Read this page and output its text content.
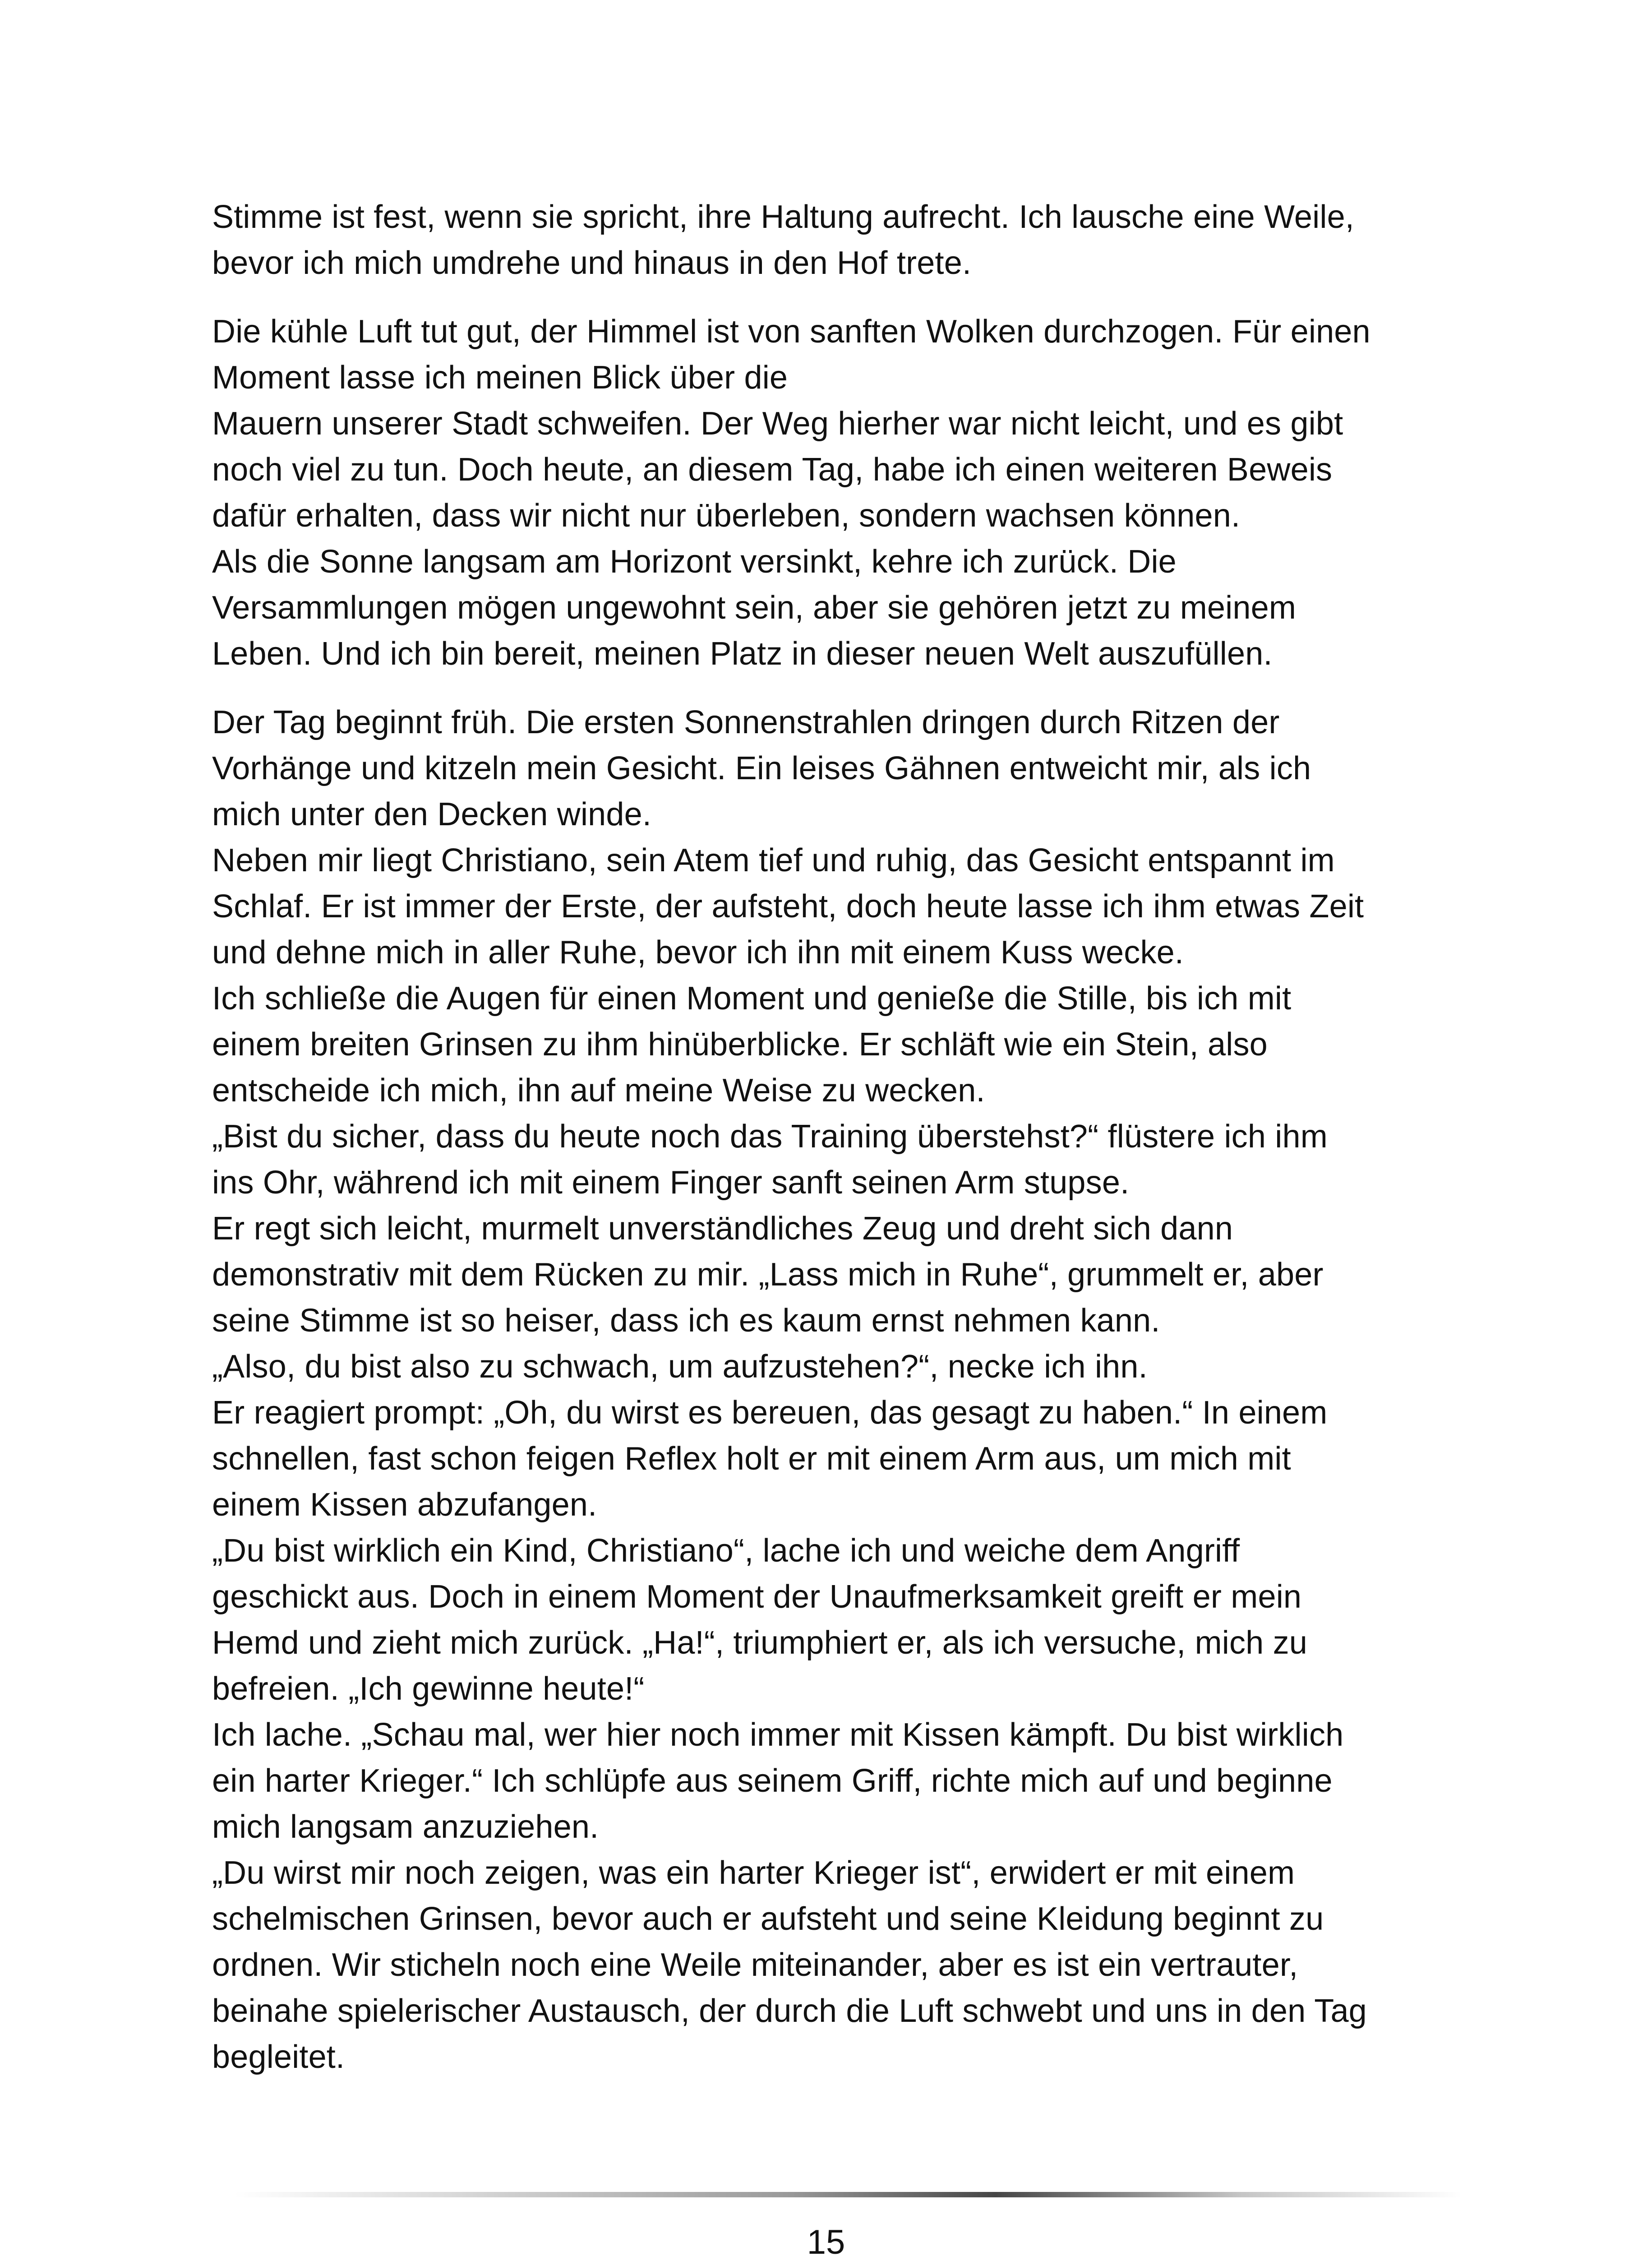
Stimme ist fest, wenn sie spricht, ihre Haltung aufrecht. Ich lausche eine Weile,
bevor ich mich umdrehe und hinaus in den Hof trete.
Die kühle Luft tut gut, der Himmel ist von sanften Wolken durchzogen. Für einen
Moment lasse ich meinen Blick über die
Mauern unserer Stadt schweifen. Der Weg hierher war nicht leicht, und es gibt
noch viel zu tun. Doch heute, an diesem Tag, habe ich einen weiteren Beweis
dafür erhalten, dass wir nicht nur überleben, sondern wachsen können.
Als die Sonne langsam am Horizont versinkt, kehre ich zurück. Die
Versammlungen mögen ungewohnt sein, aber sie gehören jetzt zu meinem
Leben. Und ich bin bereit, meinen Platz in dieser neuen Welt auszufüllen.
Der Tag beginnt früh. Die ersten Sonnenstrahlen dringen durch Ritzen der
Vorhänge und kitzeln mein Gesicht. Ein leises Gähnen entweicht mir, als ich
mich unter den Decken winde.
Neben mir liegt Christiano, sein Atem tief und ruhig, das Gesicht entspannt im
Schlaf. Er ist immer der Erste, der aufsteht, doch heute lasse ich ihm etwas Zeit
und dehne mich in aller Ruhe, bevor ich ihn mit einem Kuss wecke.
Ich schließe die Augen für einen Moment und genieße die Stille, bis ich mit
einem breiten Grinsen zu ihm hinüberblicke. Er schläft wie ein Stein, also
entscheide ich mich, ihn auf meine Weise zu wecken.
„Bist du sicher, dass du heute noch das Training überstehst?“ flüstere ich ihm
ins Ohr, während ich mit einem Finger sanft seinen Arm stupse.
Er regt sich leicht, murmelt unverständliches Zeug und dreht sich dann
demonstrativ mit dem Rücken zu mir. „Lass mich in Ruhe“, grummelt er, aber
seine Stimme ist so heiser, dass ich es kaum ernst nehmen kann.
„Also, du bist also zu schwach, um aufzustehen?“, necke ich ihn.
Er reagiert prompt: „Oh, du wirst es bereuen, das gesagt zu haben.“ In einem
schnellen, fast schon feigen Reflex holt er mit einem Arm aus, um mich mit
einem Kissen abzufangen.
„Du bist wirklich ein Kind, Christiano“, lache ich und weiche dem Angriff
geschickt aus. Doch in einem Moment der Unaufmerksamkeit greift er mein
Hemd und zieht mich zurück. „Ha!“, triumphiert er, als ich versuche, mich zu
befreien. „Ich gewinne heute!“
Ich lache. „Schau mal, wer hier noch immer mit Kissen kämpft. Du bist wirklich
ein harter Krieger.“ Ich schlüpfe aus seinem Griff, richte mich auf und beginne
mich langsam anzuziehen.
„Du wirst mir noch zeigen, was ein harter Krieger ist“, erwidert er mit einem
schelmischen Grinsen, bevor auch er aufsteht und seine Kleidung beginnt zu
ordnen. Wir sticheln noch eine Weile miteinander, aber es ist ein vertrauter,
beinahe spielerischer Austausch, der durch die Luft schwebt und uns in den Tag
begleitet.
15
